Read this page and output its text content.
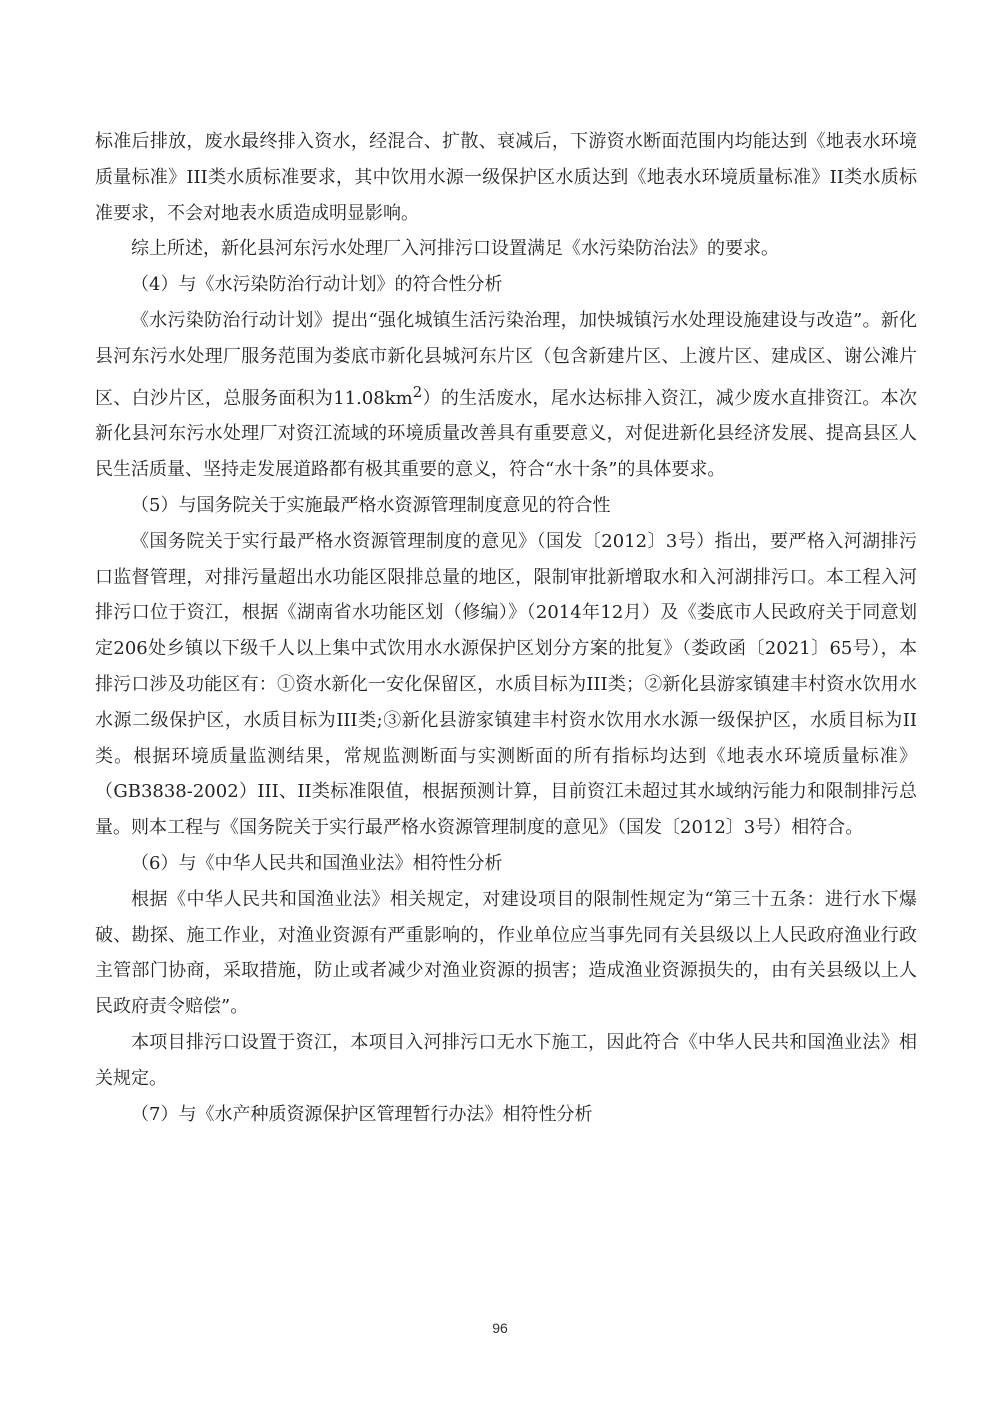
标准后排放，废水最终排入资水，经混合、扩散、衰减后，下游资水断面范围内均能达到《地表水环境质量标准》III类水质标准要求，其中饮用水源一级保护区水质达到《地表水环境质量标准》II类水质标准要求，不会对地表水质造成明显影响。

综上所述，新化县河东污水处理厂入河排污口设置满足《水污染防治法》的要求。

（4）与《水污染防治行动计划》的符合性分析

《水污染防治行动计划》提出“强化城镇生活污染治理，加快城镇污水处理设施建设与改造”。新化县河东污水处理厂服务范围为娄底市新化县城河东片区（包含新建片区、上渡片区、建成区、谢公滩片区、白沙片区，总服务面积为$11.08km^2$）的生活废水，尾水达标排入资江，减少废水直排资江。本次新化县河东污水处理厂对资江流域的环境质量改善具有重要意义，对促进新化县经济发展、提高县区人民生活质量、坚持走发展道路都有极其重要的意义，符合“水十条”的具体要求。

（5）与国务院关于实施最严格水资源管理制度意见的符合性

《国务院关于实行最严格水资源管理制度的意见》（国发〔2012〕3号）指出，要严格入河湖排污口监督管理，对排污量超出水功能区限排总量的地区，限制审批新增取水和入河湖排污口。本工程入河排污口位于资江，根据《湖南省水功能区划（修编）》（2014年12月）及《娄底市人民政府关于同意划定206处乡镇以下级千人以上集中式饮用水水源保护区划分方案的批复》（娄政函〔2021〕65号），本排污口涉及功能区有：①资水新化一安化保留区，水质目标为III类；②新化县游家镇建丰村资水饮用水水源二级保护区，水质目标为III类;③新化县游家镇建丰村资水饮用水水源一级保护区，水质目标为II类。根据环境质量监测结果，常规监测断面与实测断面的所有指标均达到《地表水环境质量标准》（GB3838-2002）III、II类标准限值，根据预测计算，目前资江未超过其水域纳污能力和限制排污总量。则本工程与《国务院关于实行最严格水资源管理制度的意见》（国发〔2012〕3号）相符合。

（6）与《中华人民共和国渔业法》相符性分析

根据《中华人民共和国渔业法》相关规定，对建设项目的限制性规定为“第三十五条：进行水下爆破、勘探、施工作业，对渔业资源有严重影响的，作业单位应当事先同有关县级以上人民政府渔业行政主管部门协商，采取措施，防止或者减少对渔业资源的损害；造成渔业资源损失的，由有关县级以上人民政府责令赔偿”。

本项目排污口设置于资江，本项目入河排污口无水下施工，因此符合《中华人民共和国渔业法》相关规定。

（7）与《水产种质资源保护区管理暂行办法》相符性分析

96
